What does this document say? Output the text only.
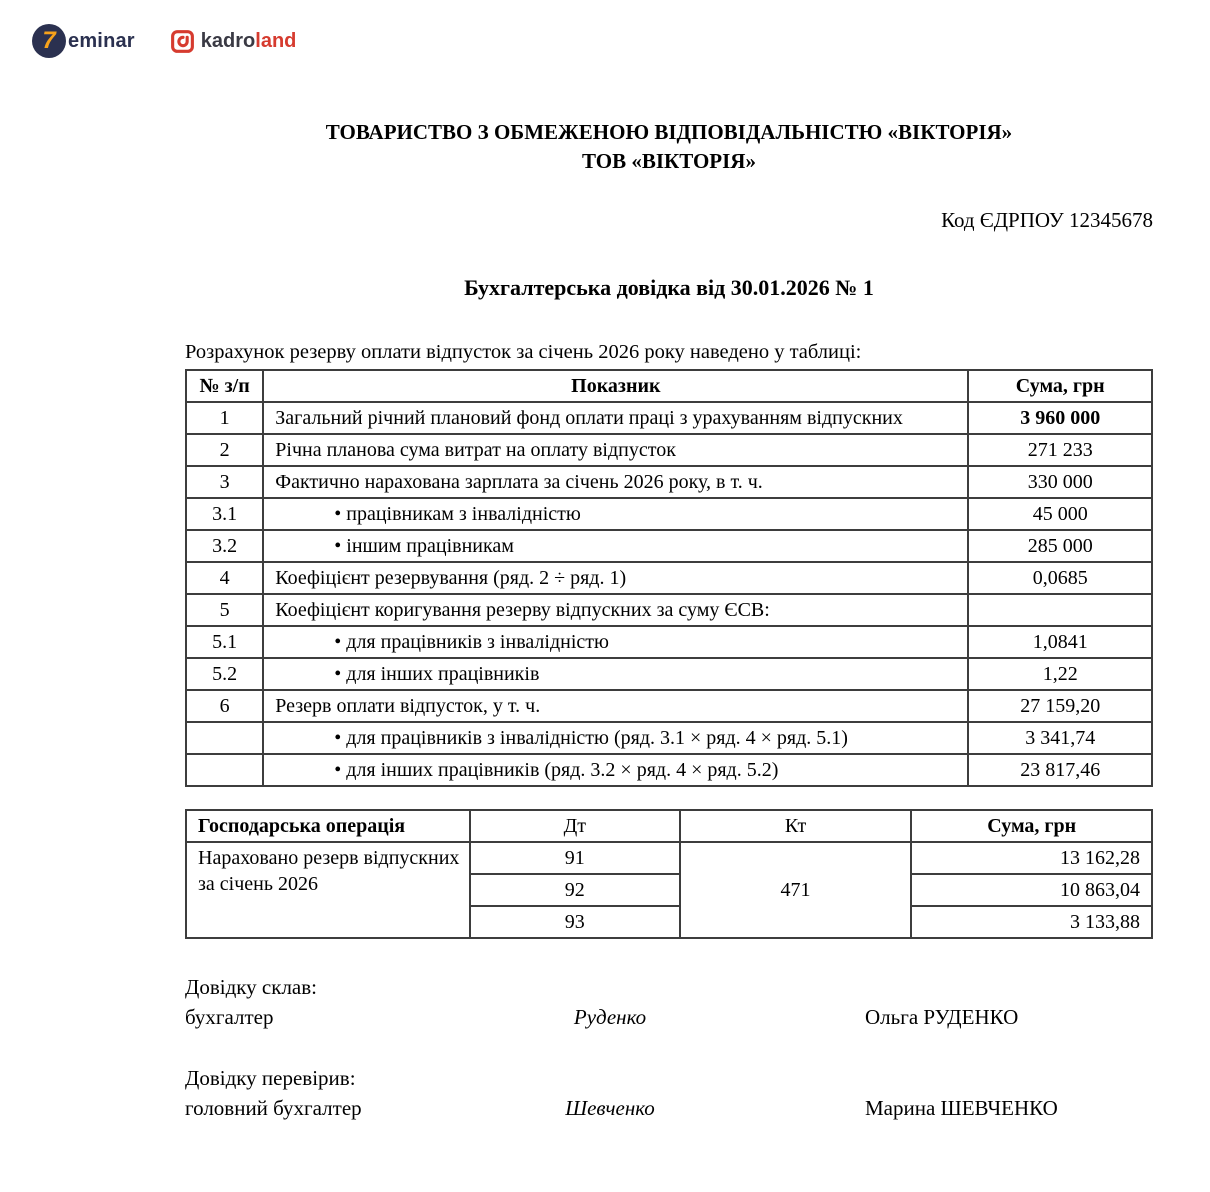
7 eminar	kadroland
ТОВАРИСТВО З ОБМЕЖЕНОЮ ВІДПОВІДАЛЬНІСТЮ «ВІКТОРІЯ»
ТОВ «ВІКТОРІЯ»
Код ЄДРПОУ 12345678
Бухгалтерська довідка від 30.01.2026 № 1
Розрахунок резерву оплати відпусток за січень 2026 року наведено у таблиці:
№ з/п	Показник	Сума, грн
1	Загальний річний плановий фонд оплати праці з урахуванням відпускних	3 960 000
2	Річна планова сума витрат на оплату відпусток	271 233
3	Фактично нарахована зарплата за січень 2026 року, в т. ч.	330 000
3.1	• працівникам з інвалідністю	45 000
3.2	• іншим працівникам	285 000
4	Коефіцієнт резервування (ряд. 2 ÷ ряд. 1)	0,0685
5	Коефіцієнт коригування резерву відпускних за суму ЄСВ:	
5.1	• для працівників з інвалідністю	1,0841
5.2	• для інших працівників	1,22
6	Резерв оплати відпусток, у т. ч.	27 159,20
	• для працівників з інвалідністю (ряд. 3.1 × ряд. 4 × ряд. 5.1)	3 341,74
	• для інших працівників (ряд. 3.2 × ряд. 4 × ряд. 5.2)	23 817,46
Господарська операція	Дт	Кт	Сума, грн
Нараховано резерв відпускних за січень 2026	91	471	13 162,28
	92		10 863,04
	93		3 133,88
Довідку склав:
бухгалтер	Руденко	Ольга РУДЕНКО
Довідку перевірив:
головний бухгалтер	Шевченко	Марина ШЕВЧЕНКО
